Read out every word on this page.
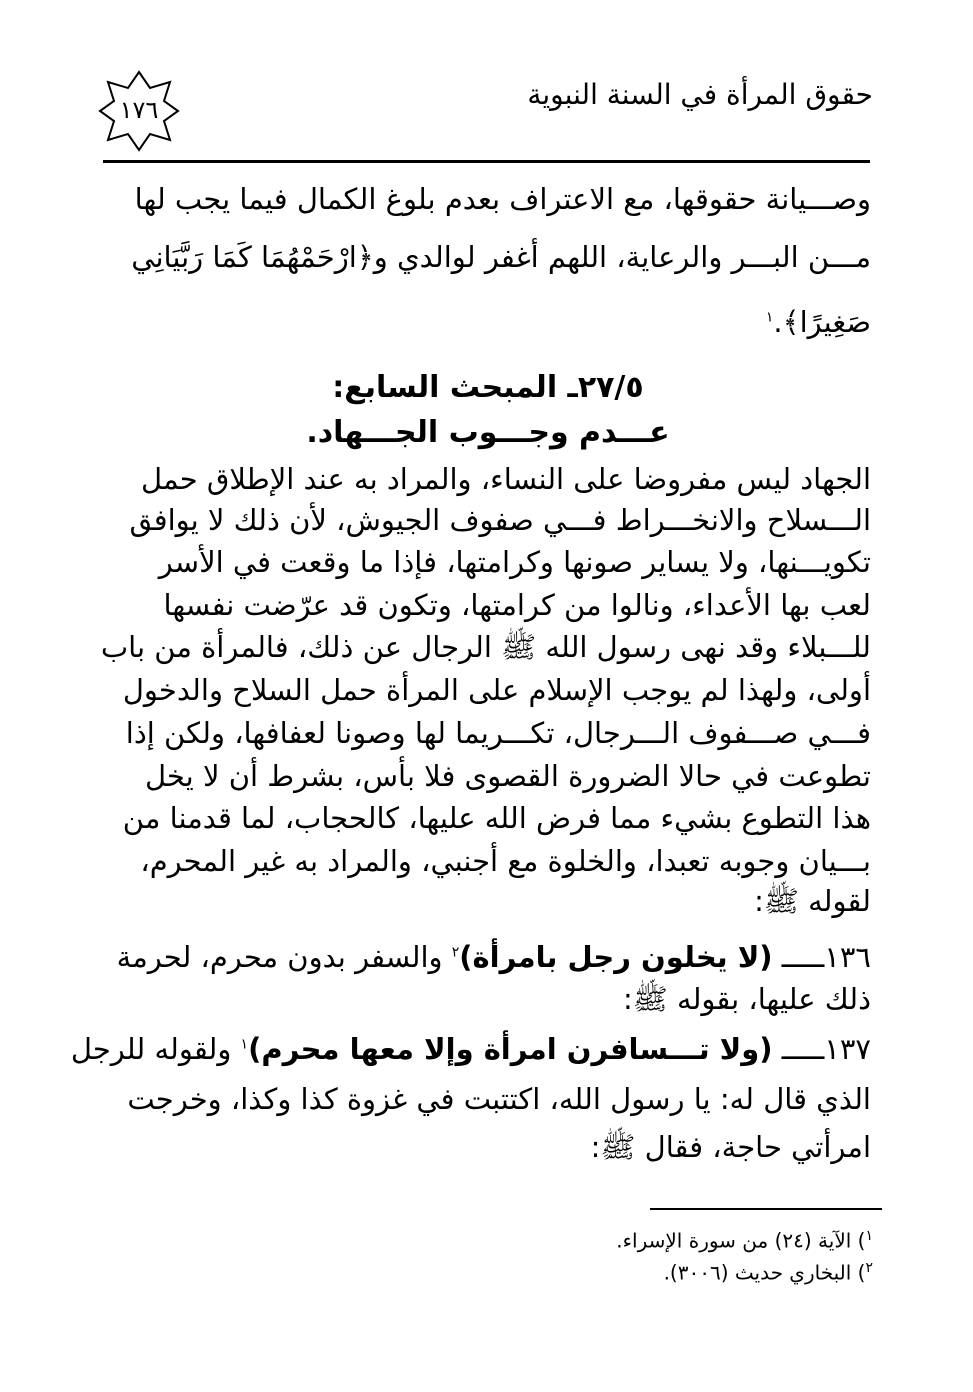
حقوق المرأة في السنة النبوية
١٧٦
وصـــيانة حقوقها، مع الاعتراف بعدم بلوغ الكمال فيما يجب لها
مـــن البـــر والرعاية، اللهم أغفر لوالدي و﴿ارْحَمْهُمَا كَمَا رَبَّيَانِي
صَغِيرًا﴾.$^١$
٢٧/٥ـ المبحث السابع:
عـــدم وجـــوب الجـــهاد.
الجهاد ليس مفروضا على النساء، والمراد به عند الإطلاق حمل
الـــسلاح والانخـــراط فـــي صفوف الجيوش، لأن ذلك لا يوافق
تكويـــنها، ولا يساير صونها وكرامتها، فإذا ما وقعت في الأسر
لعب بها الأعداء، ونالوا من كرامتها، وتكون قد عرّضت نفسها
للـــبلاء وقد نهى رسول الله ﷺ الرجال عن ذلك، فالمرأة من باب
أولى، ولهذا لم يوجب الإسلام على المرأة حمل السلاح والدخول
فـــي صـــفوف الـــرجال، تكـــريما لها وصونا لعفافها، ولكن إذا
تطوعت في حالا الضرورة القصوى فلا بأس، بشرط أن لا يخل
هذا التطوع بشيء مما فرض الله عليها، كالحجاب، لما قدمنا من
بـــيان وجوبه تعبدا، والخلوة مع أجنبي، والمراد به غير المحرم،
لقوله ﷺ:
١٣٦ـــــ (لا يخلون رجل بامرأة)$^٢$ والسفر بدون محرم، لحرمة
ذلك عليها، بقوله ﷺ:
١٣٧ـــــ (ولا تـــسافرن امرأة وإلا معها محرم)$^١$ ولقوله للرجل
الذي قال له: يا رسول الله، اكتتبت في غزوة كذا وكذا، وخرجت
امرأتي حاجة، فقال ﷺ:
$^١$) الآية (٢٤) من سورة الإسراء.
$^٢$) البخاري حديث (٣٠٠٦).
